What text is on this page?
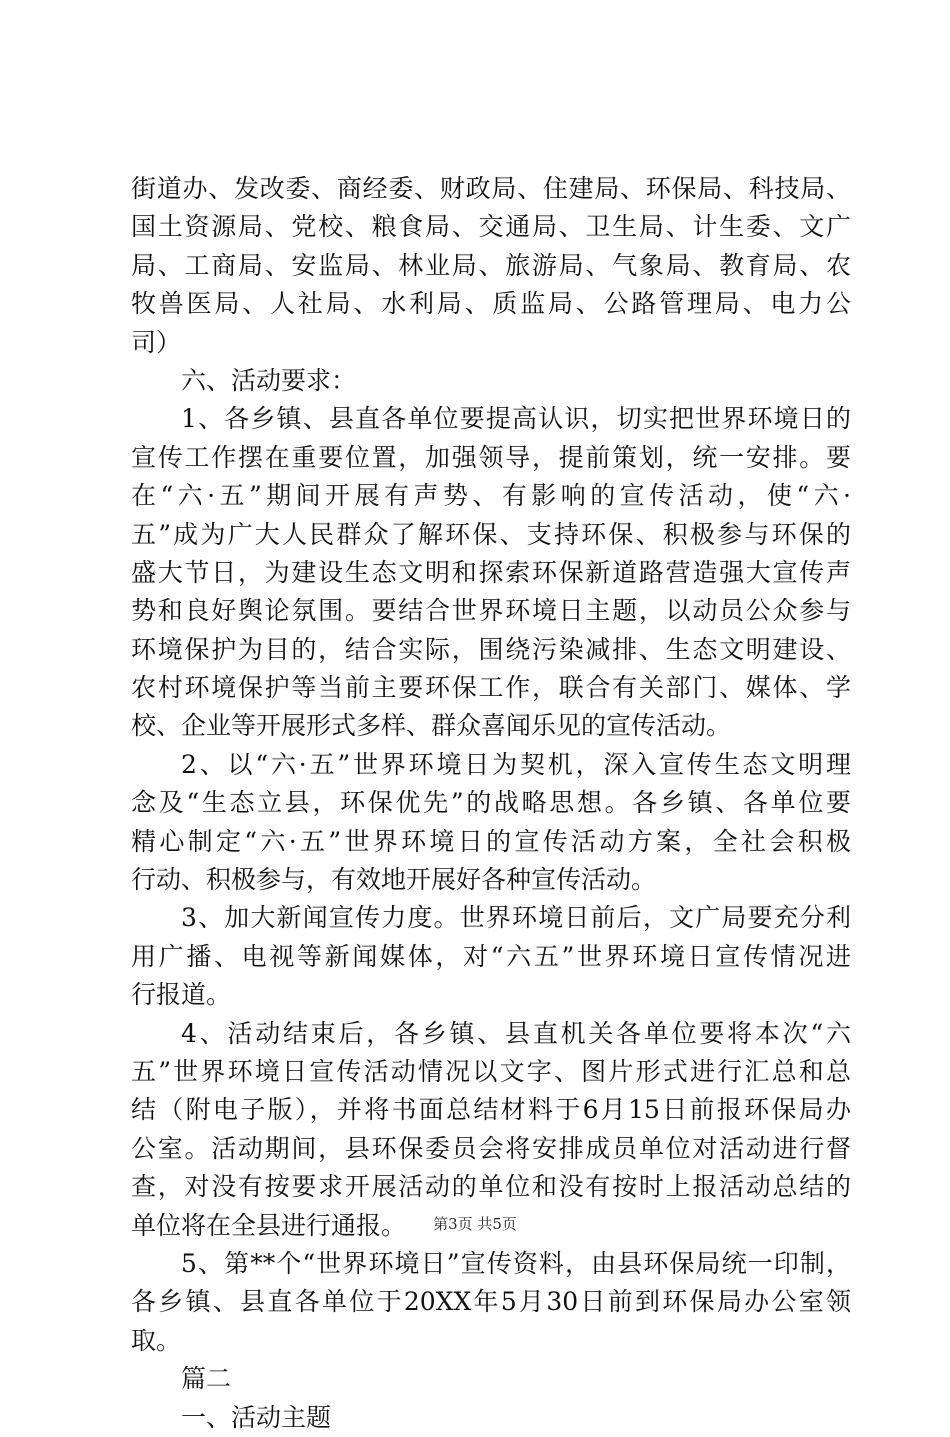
街道办、发改委、商经委、财政局、住建局、环保局、科技局、
国土资源局、党校、粮食局、交通局、卫生局、计生委、文广
局、工商局、安监局、林业局、旅游局、气象局、教育局、农
牧兽医局、人社局、水利局、质监局、公路管理局、电力公
司）
六、活动要求：
1、各乡镇、县直各单位要提高认识，切实把世界环境日的
宣传工作摆在重要位置，加强领导，提前策划，统一安排。要
在“六·五”期间开展有声势、有影响的宣传活动，使“六·
五”成为广大人民群众了解环保、支持环保、积极参与环保的
盛大节日，为建设生态文明和探索环保新道路营造强大宣传声
势和良好舆论氛围。要结合世界环境日主题，以动员公众参与
环境保护为目的，结合实际，围绕污染减排、生态文明建设、
农村环境保护等当前主要环保工作，联合有关部门、媒体、学
校、企业等开展形式多样、群众喜闻乐见的宣传活动。
2、以“六·五”世界环境日为契机，深入宣传生态文明理
念及“生态立县，环保优先”的战略思想。各乡镇、各单位要
精心制定“六·五”世界环境日的宣传活动方案，全社会积极
行动、积极参与，有效地开展好各种宣传活动。
3、加大新闻宣传力度。世界环境日前后，文广局要充分利
用广播、电视等新闻媒体，对“六五”世界环境日宣传情况进
行报道。
4、活动结束后，各乡镇、县直机关各单位要将本次“六
五”世界环境日宣传活动情况以文字、图片形式进行汇总和总
结（附电子版），并将书面总结材料于6月15日前报环保局办
公室。活动期间，县环保委员会将安排成员单位对活动进行督
查，对没有按要求开展活动的单位和没有按时上报活动总结的
单位将在全县进行通报。
5、第**个“世界环境日”宣传资料，由县环保局统一印制，
各乡镇、县直各单位于20XX年5月30日前到环保局办公室领
取。
篇二
一、活动主题
第3页 共5页
